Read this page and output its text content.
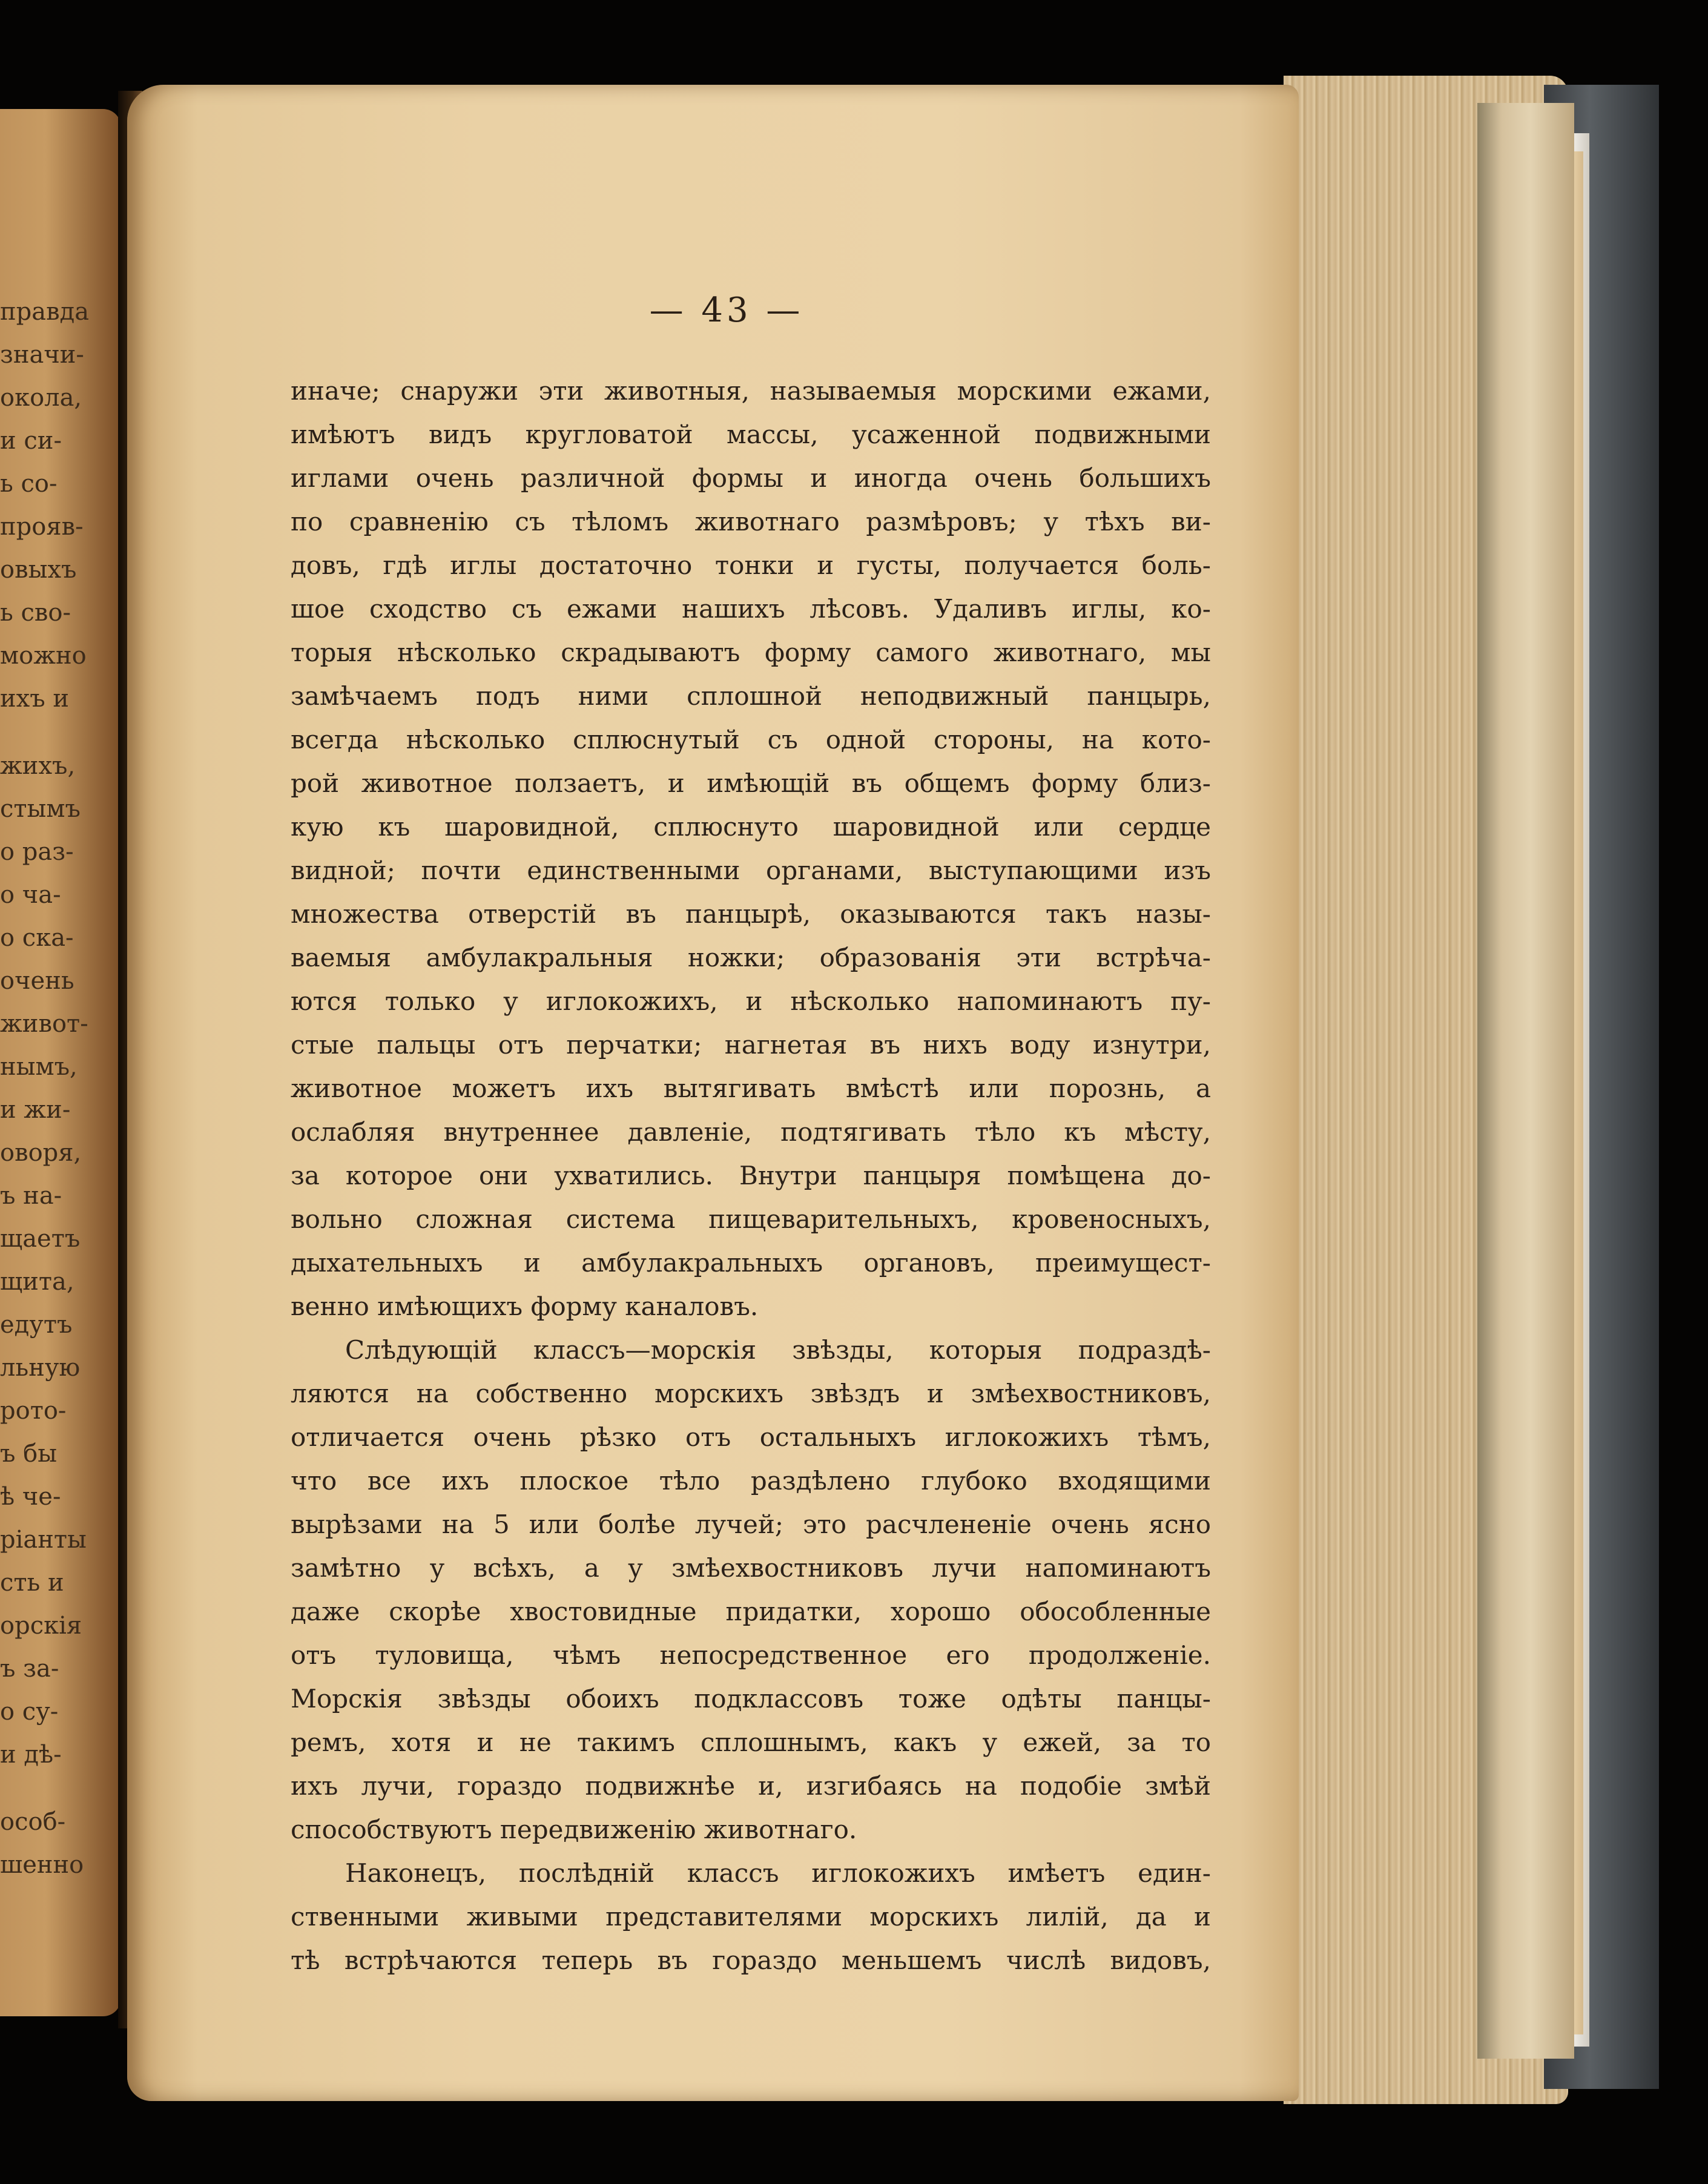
правда
значи-
окола,
и си-
ь со-
прояв-
овыхъ
ь сво-
можно
ихъ и
жихъ,
стымъ
о раз-
о ча-
о ска-
очень
живот-
нымъ,
и жи-
оворя,
ъ на-
щаетъ
щита,
едутъ
льную
рото-
ъ бы
ѣ че-
ріанты
сть и
орскія
ъ за-
о су-
и дѣ-
особ-
шенно
— 43 —
иначе; снаружи эти животныя, называемыя морскими ежами,
имѣютъ видъ кругловатой массы, усаженной подвижными
иглами очень различной формы и иногда очень большихъ
по сравненію съ тѣломъ животнаго размѣровъ; у тѣхъ ви-
довъ, гдѣ иглы достаточно тонки и густы, получается боль-
шое сходство съ ежами нашихъ лѣсовъ. Удаливъ иглы, ко-
торыя нѣсколько скрадываютъ форму самого животнаго, мы
замѣчаемъ подъ ними сплошной неподвижный панцырь,
всегда нѣсколько сплюснутый съ одной стороны, на кото-
рой животное ползаетъ, и имѣющій въ общемъ форму близ-
кую къ шаровидной, сплюснуто шаровидной или сердце
видной; почти единственными органами, выступающими изъ
множества отверстій въ панцырѣ, оказываются такъ назы-
ваемыя амбулакральныя ножки; образованія эти встрѣча-
ются только у иглокожихъ, и нѣсколько напоминаютъ пу-
стые пальцы отъ перчатки; нагнетая въ нихъ воду изнутри,
животное можетъ ихъ вытягивать вмѣстѣ или порознь, а
ослабляя внутреннее давленіе, подтягивать тѣло къ мѣсту,
за которое они ухватились. Внутри панцыря помѣщена до-
вольно сложная система пищеварительныхъ, кровеносныхъ,
дыхательныхъ и амбулакральныхъ органовъ, преимущест-
венно имѣющихъ форму каналовъ.
Слѣдующій классъ—морскія звѣзды, которыя подраздѣ-
ляются на собственно морскихъ звѣздъ и змѣехвостниковъ,
отличается очень рѣзко отъ остальныхъ иглокожихъ тѣмъ,
что все ихъ плоское тѣло раздѣлено глубоко входящими
вырѣзами на 5 или болѣе лучей; это расчлененіе очень ясно
замѣтно у всѣхъ, а у змѣехвостниковъ лучи напоминаютъ
даже скорѣе хвостовидные придатки, хорошо обособленные
отъ туловища, чѣмъ непосредственное его продолженіе.
Морскія звѣзды обоихъ подклассовъ тоже одѣты панцы-
ремъ, хотя и не такимъ сплошнымъ, какъ у ежей, за то
ихъ лучи, гораздо подвижнѣе и, изгибаясь на подобіе змѣй
способствуютъ передвиженію животнаго.
Наконецъ, послѣдній классъ иглокожихъ имѣетъ един-
ственными живыми представителями морскихъ лилій, да и
тѣ встрѣчаются теперь въ гораздо меньшемъ числѣ видовъ,
